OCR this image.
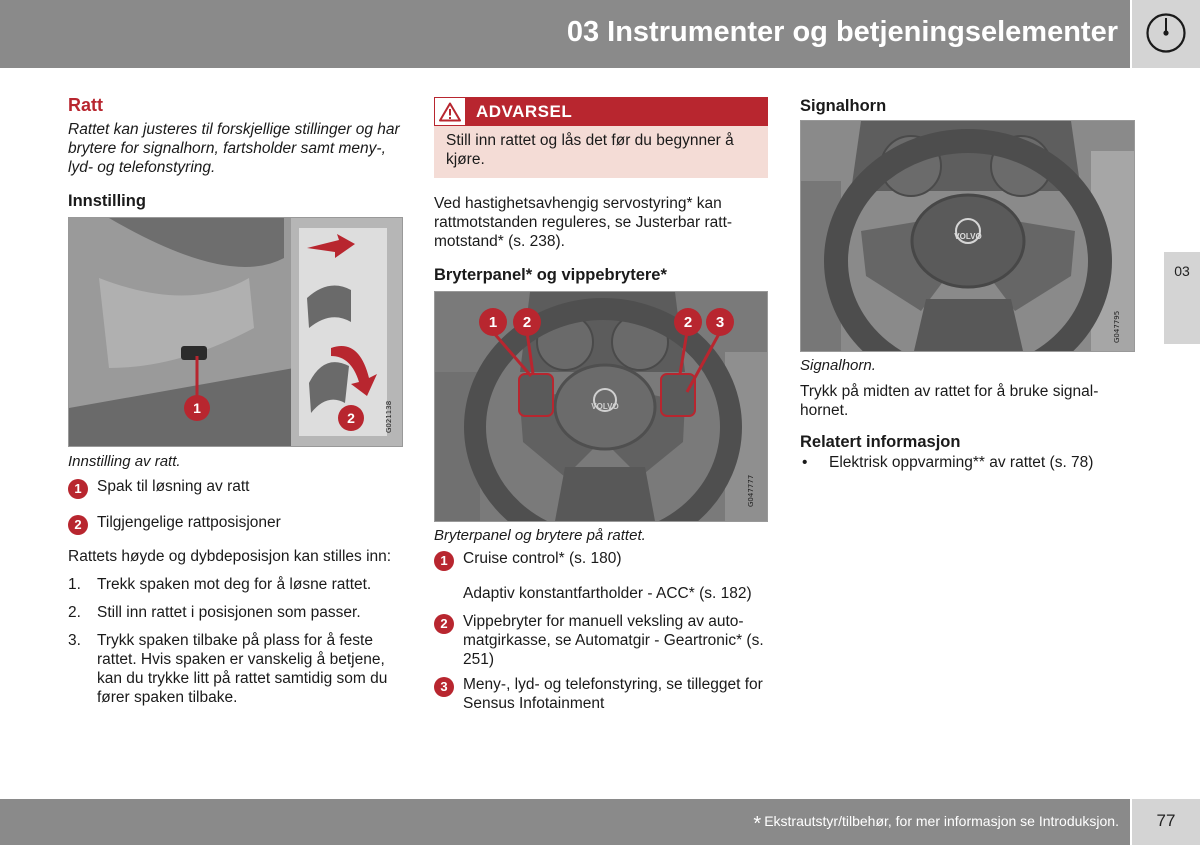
03 Instrumenter og betjeningselementer
03
Ratt
Rattet kan justeres til forskjellige stillinger og har brytere for signalhorn, fartsholder samt meny-, lyd- og telefonstyring.
Innstilling
1
2	G021138
Innstilling av ratt.
1 Spak til løsning av ratt
2 Tilgjengelige rattposisjoner
Rattets høyde og dybdeposisjon kan stilles inn:
1.	Trekk spaken mot deg for å løsne rattet.
2.	Still inn rattet i posisjonen som passer.
3.	Trykk spaken tilbake på plass for å feste rattet. Hvis spaken er vanskelig å betjene, kan du trykke litt på rattet samtidig som du fører spaken tilbake.
ADVARSEL
Still inn rattet og lås det før du begynner å kjøre.
Ved hastighetsavhengig servostyring* kan rattmotstanden reguleres, se Justerbar rattmotstand* (s. 238).
Bryterpanel* og vippebrytere*
VOLVO
1 2	2 3
G047777
Bryterpanel og brytere på rattet.
1 Cruise control* (s. 180)
Adaptiv konstantfartholder - ACC* (s. 182)
2 Vippebryter for manuell veksling av automatgirkasse, se Automatgir - Geartronic* (s. 251)
3 Meny-, lyd- og telefonstyring, se tillegget for Sensus Infotainment
Signalhorn
VOLVO
G047795
Signalhorn.
Trykk på midten av rattet for å bruke signalhornet.
Relatert informasjon
•	Elektrisk oppvarming** av rattet (s. 78)
* Ekstrautstyr/tilbehør, for mer informasjon se Introduksjon.	77
